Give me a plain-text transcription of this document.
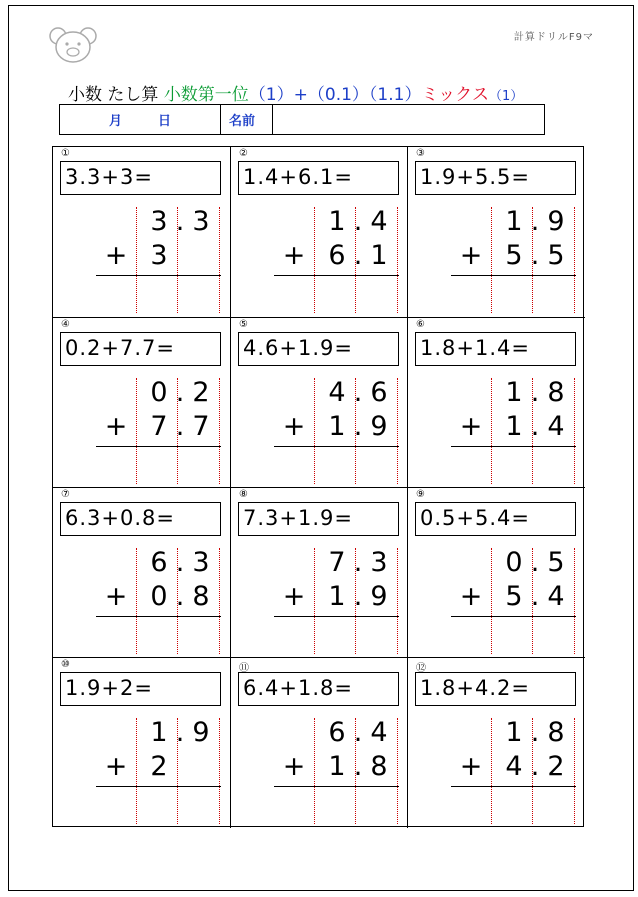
計算ドリルF9マ
小数 たし算 小数第一位（1）+（0.1）（1.1）ミックス（1）
月	日	名前
①
3.3+3=
3 . 3
+ 3
②
1.4+6.1=
1 . 4
+ 6 . 1
③
1.9+5.5=
1 . 9
+ 5 . 5
④
0.2+7.7=
0 . 2
+ 7 . 7
⑤
4.6+1.9=
4 . 6
+ 1 . 9
⑥
1.8+1.4=
1 . 8
+ 1 . 4
⑦
6.3+0.8=
6 . 3
+ 0 . 8
⑧
7.3+1.9=
7 . 3
+ 1 . 9
⑨
0.5+5.4=
0 . 5
+ 5 . 4
⑩
1.9+2=
1 . 9
+ 2
⑪
6.4+1.8=
6 . 4
+ 1 . 8
⑫
1.8+4.2=
1 . 8
+ 4 . 2
